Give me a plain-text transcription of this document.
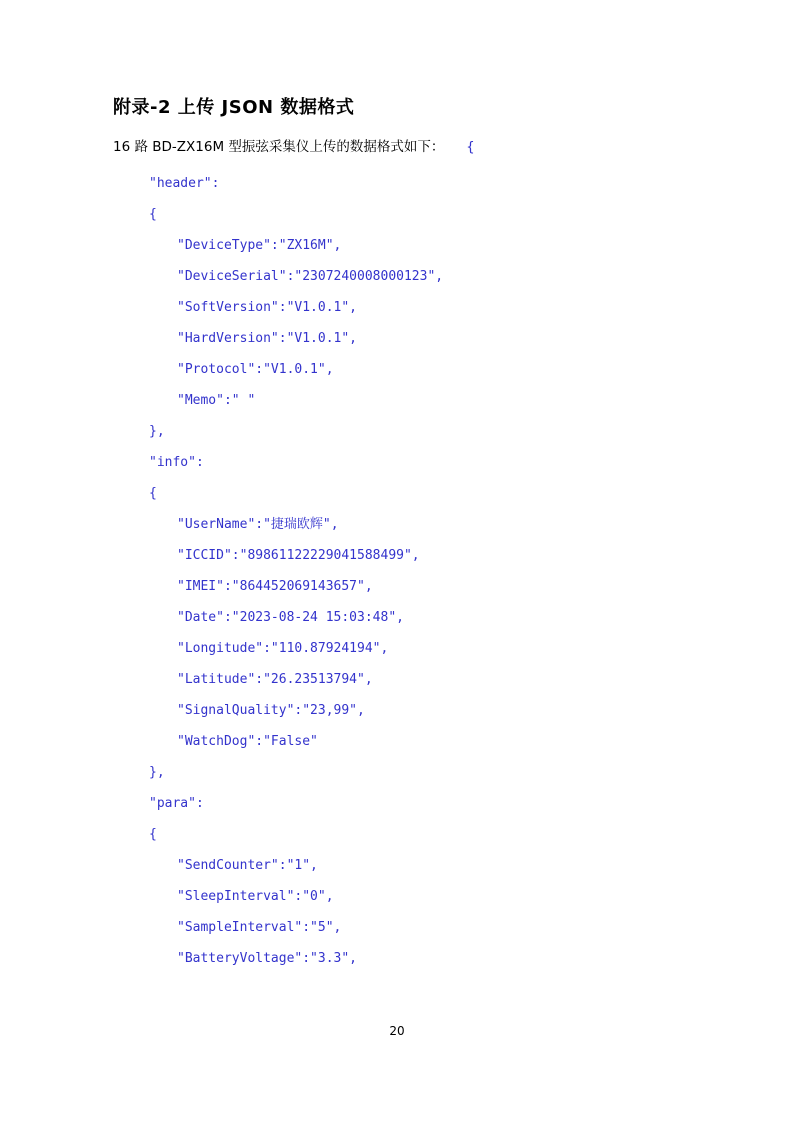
附录-2 上传 JSON 数据格式

16 路 BD-ZX16M 型振弦采集仪上传的数据格式如下： {

"header":
{
"DeviceType":"ZX16M",
"DeviceSerial":"2307240008000123",
"SoftVersion":"V1.0.1",
"HardVersion":"V1.0.1",
"Protocol":"V1.0.1",
"Memo":" "
},
"info":
{
"UserName":"捷瑞欧辉",
"ICCID":"89861122229041588499",
"IMEI":"864452069143657",
"Date":"2023-08-24 15:03:48",
"Longitude":"110.87924194",
"Latitude":"26.23513794",
"SignalQuality":"23,99",
"WatchDog":"False"
},
"para":
{
"SendCounter":"1",
"SleepInterval":"0",
"SampleInterval":"5",
"BatteryVoltage":"3.3",
20
